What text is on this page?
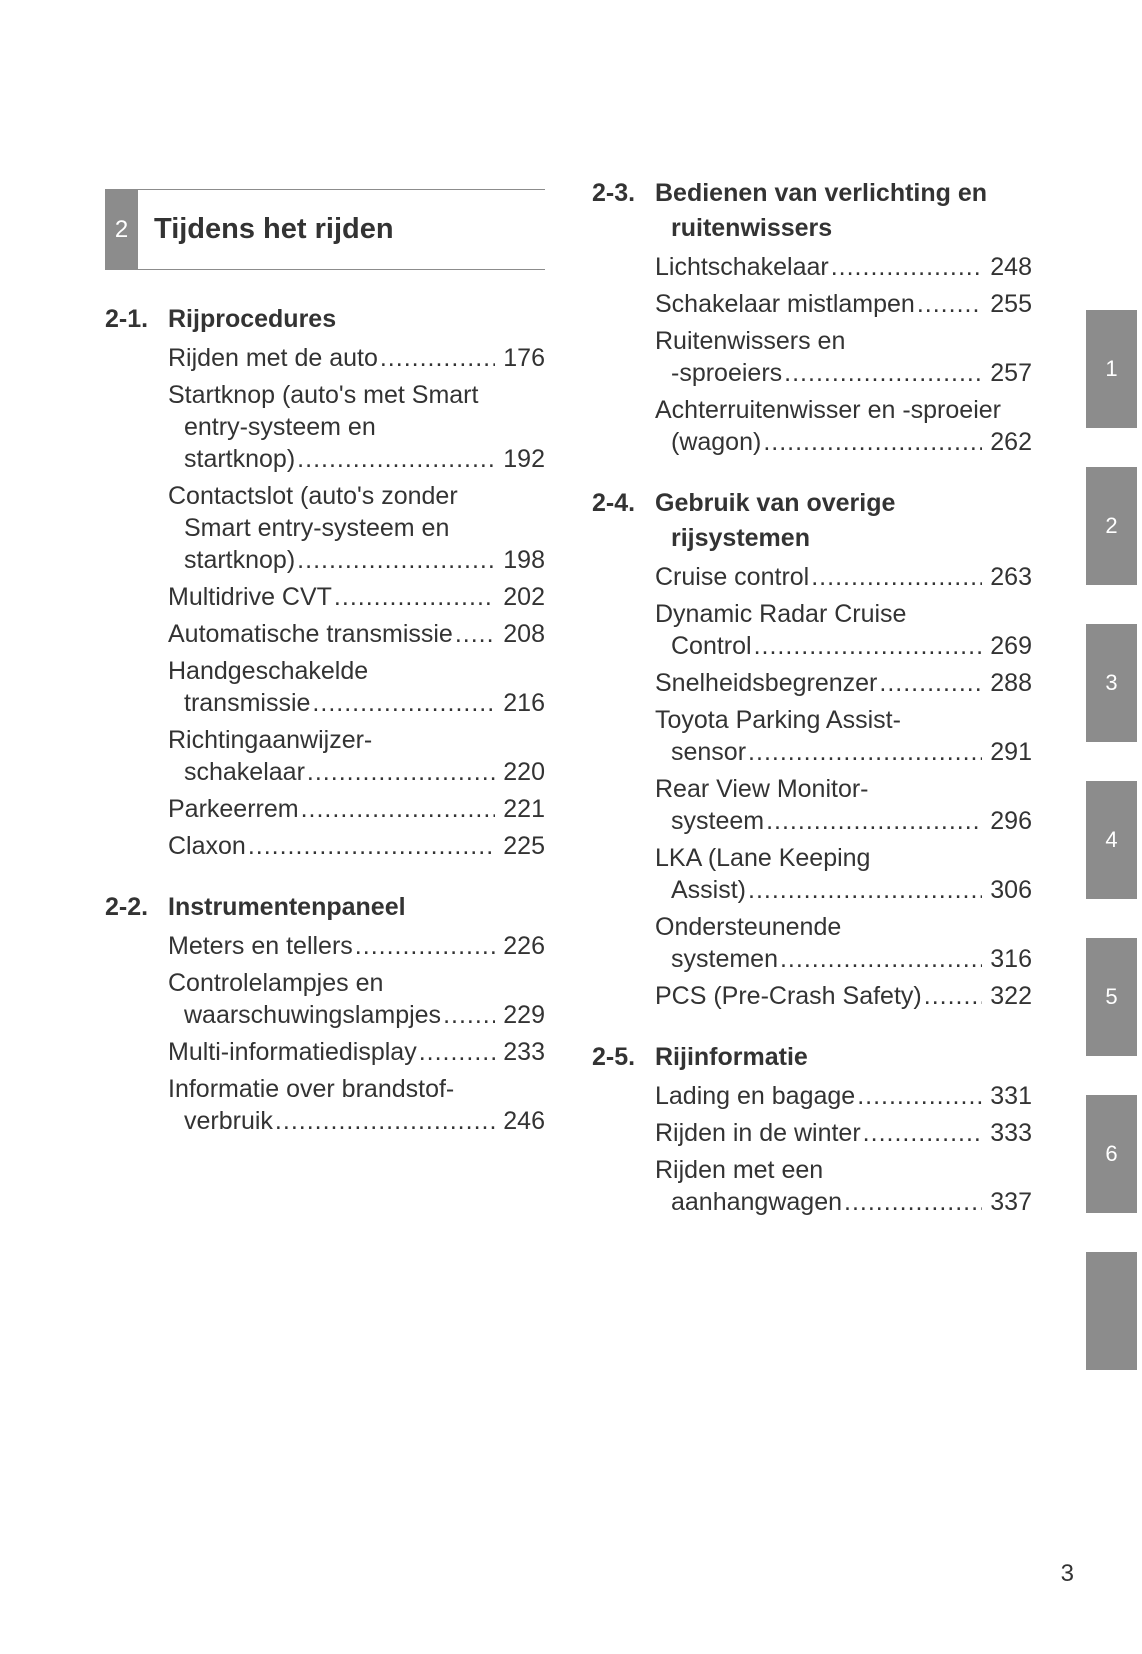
2 Tijdens het rijden
2-1. Rijprocedures
Rijden met de auto .....	176
Startknop (auto's met Smart
entry-systeem en
startknop) .....	192
Contactslot (auto's zonder
Smart entry-systeem en
startknop) .....	198
Multidrive CVT .....	202
Automatische transmissie ..... 208
Handgeschakelde
transmissie .....	216
Richtingaanwijzer-
schakelaar .....	220
Parkeerrem .....	221
Claxon .....	225
2-2. Instrumentenpaneel
Meters en tellers .....	226
Controlelampjes en
waarschuwingslampjes ..... 229
Multi-informatiedisplay .....	233
Informatie over brandstof-
verbruik .....	246
2-3. Bedienen van verlichting en
ruitenwissers
Lichtschakelaar .....	248
Schakelaar mistlampen .....	255
Ruitenwissers en
-sproeiers .....	257
Achterruitenwisser en -sproeier
(wagon) .....	262
2-4. Gebruik van overige
rijsystemen
Cruise control .....	263
Dynamic Radar Cruise
Control .....	269
Snelheidsbegrenzer .....	288
Toyota Parking Assist-
sensor .....	291
Rear View Monitor-
systeem .....	296
LKA (Lane Keeping
Assist) .....	306
Ondersteunende
systemen .....	316
PCS (Pre-Crash Safety) .....	322
2-5. Rijinformatie
Lading en bagage .....	331
Rijden in de winter .....	333
Rijden met een
aanhangwagen .....	337
1
2
3
4
5
6
3
